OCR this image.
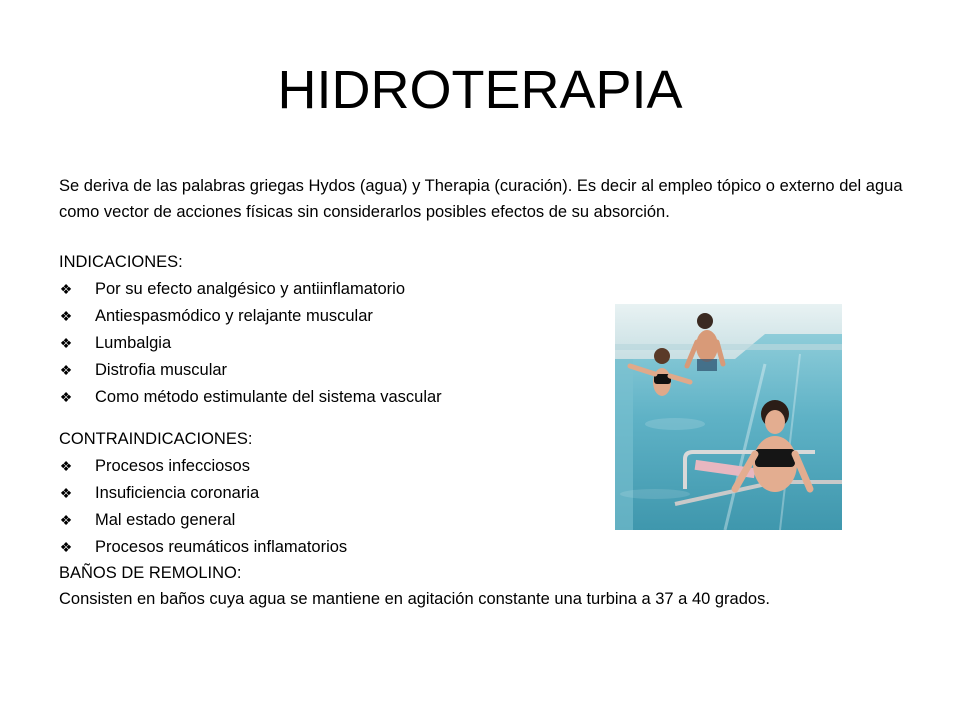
HIDROTERAPIA

Se deriva de las palabras griegas Hydos (agua) y Therapia (curación). Es decir al empleo tópico o externo del agua como vector de acciones físicas sin considerarlos posibles efectos de su absorción.

INDICACIONES:

❖ Por su efecto analgésico y antiinflamatorio
❖ Antiespasmódico y relajante muscular
❖ Lumbalgia
❖ Distrofia muscular
❖ Como método estimulante del sistema vascular

CONTRAINDICACIONES:

❖ Procesos infecciosos
❖ Insuficiencia coronaria
❖ Mal estado general
❖ Procesos reumáticos inflamatorios

BAÑOS DE REMOLINO:

Consisten en baños cuya agua se mantiene en agitación constante una turbina a 37 a 40 grados.
